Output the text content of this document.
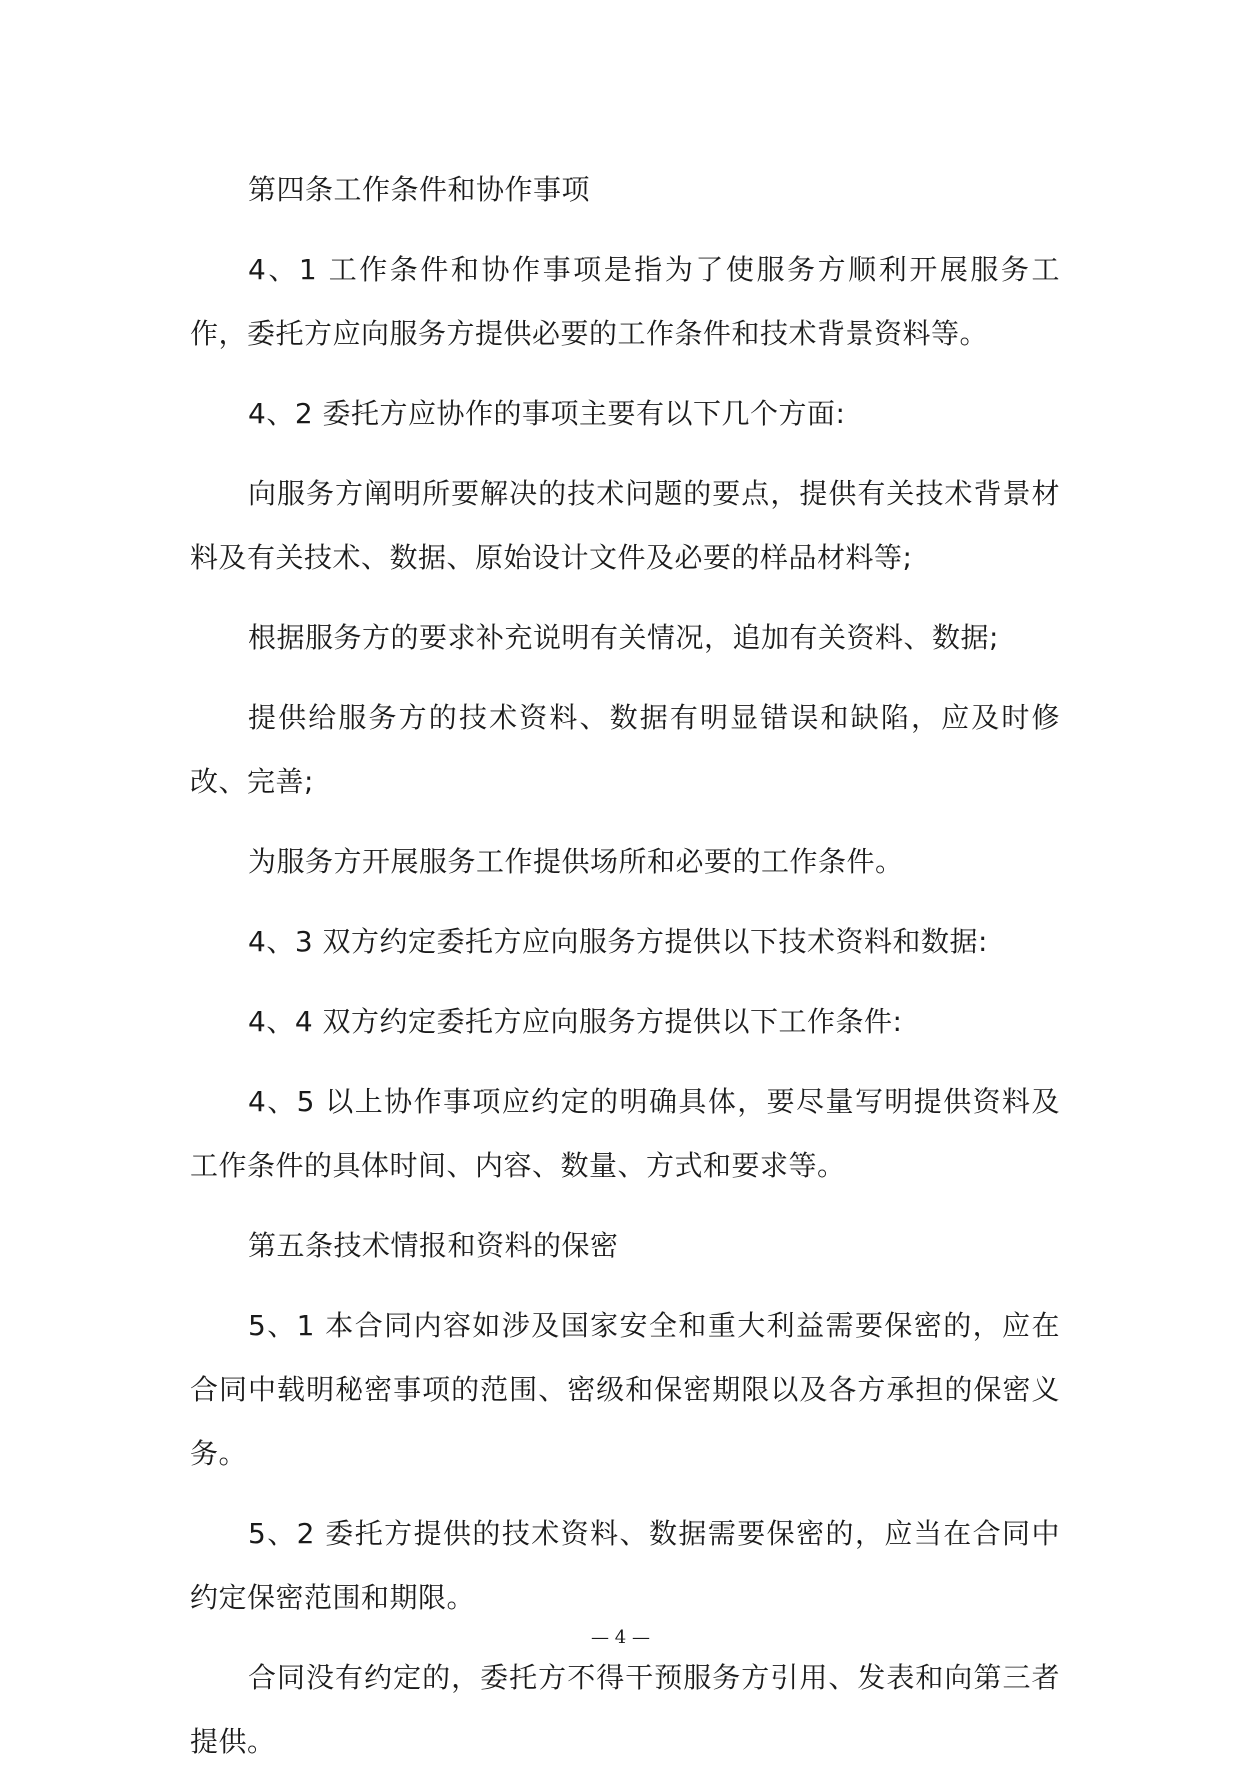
第四条工作条件和协作事项

4、1 工作条件和协作事项是指为了使服务方顺利开展服务工作，委托方应向服务方提供必要的工作条件和技术背景资料等。

4、2 委托方应协作的事项主要有以下几个方面:

向服务方阐明所要解决的技术问题的要点，提供有关技术背景材料及有关技术、数据、原始设计文件及必要的样品材料等;

根据服务方的要求补充说明有关情况，追加有关资料、数据;

提供给服务方的技术资料、数据有明显错误和缺陷，应及时修改、完善;

为服务方开展服务工作提供场所和必要的工作条件。

4、3 双方约定委托方应向服务方提供以下技术资料和数据:

4、4 双方约定委托方应向服务方提供以下工作条件:

4、5 以上协作事项应约定的明确具体，要尽量写明提供资料及工作条件的具体时间、内容、数量、方式和要求等。

第五条技术情报和资料的保密

5、1 本合同内容如涉及国家安全和重大利益需要保密的，应在合同中载明秘密事项的范围、密级和保密期限以及各方承担的保密义务。

5、2 委托方提供的技术资料、数据需要保密的，应当在合同中约定保密范围和期限。

合同没有约定的，委托方不得干预服务方引用、发表和向第三者提供。

— 4 —
